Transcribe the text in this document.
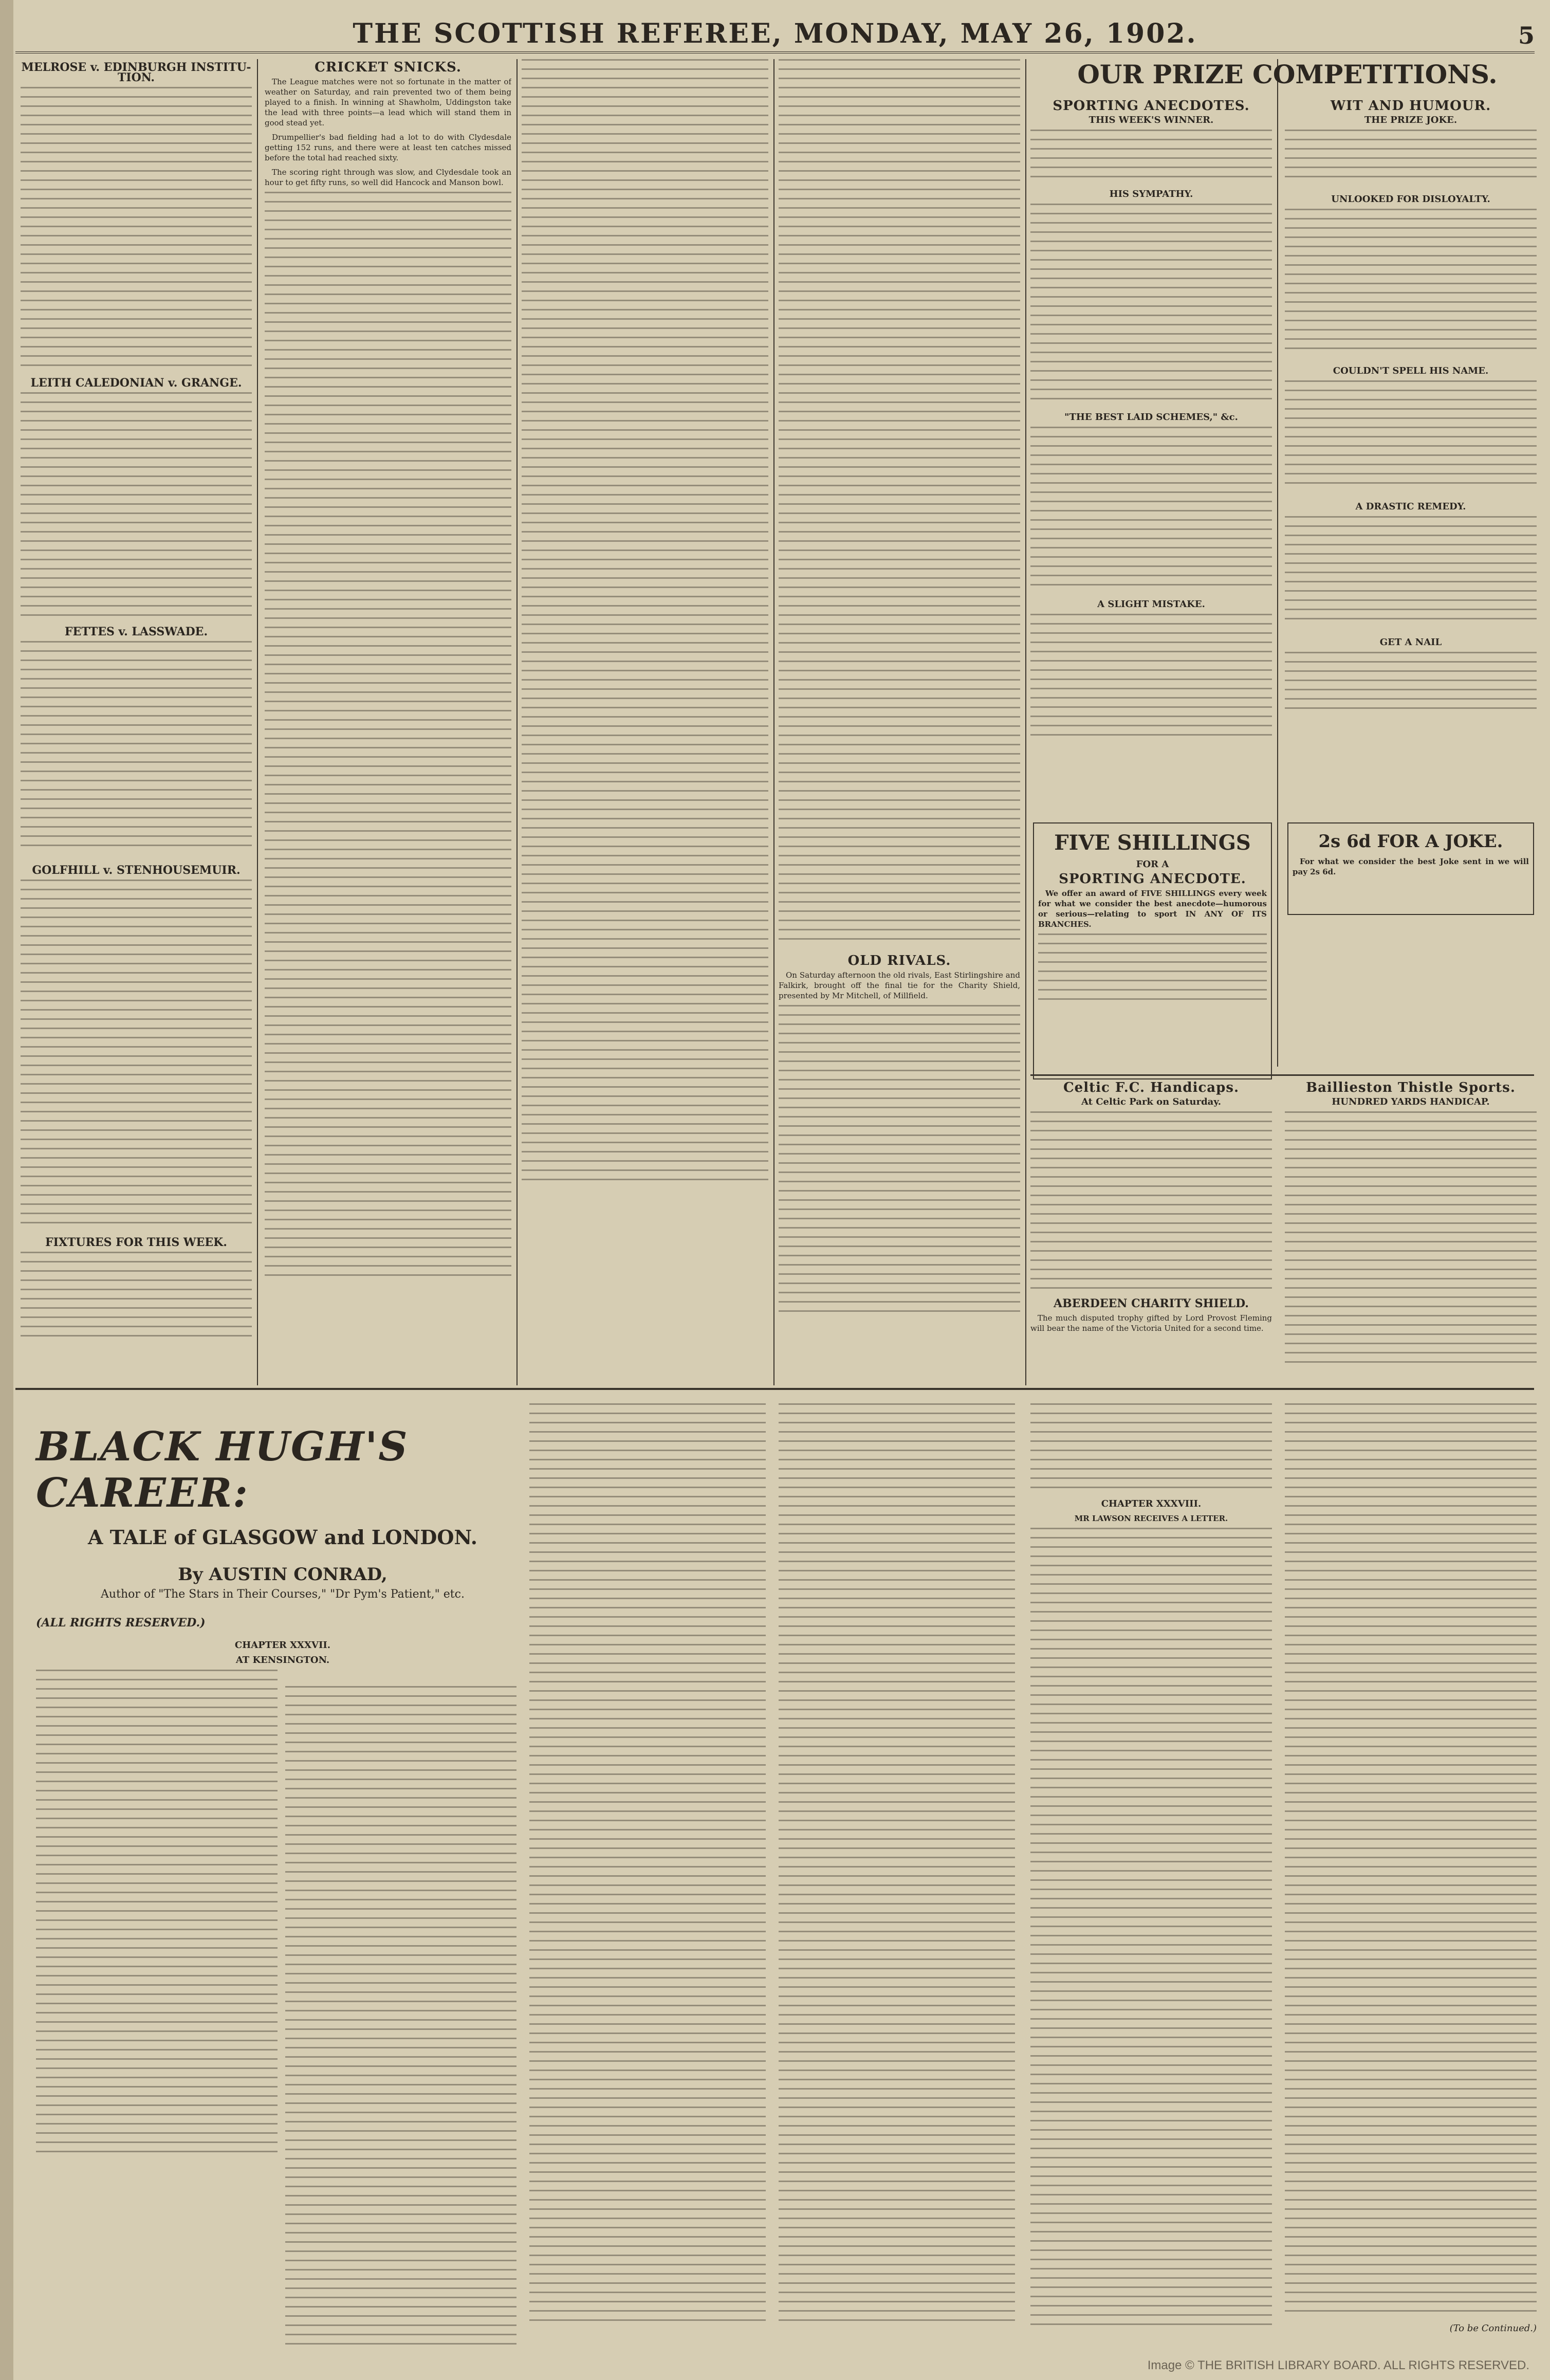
THE SCOTTISH REFEREE, MONDAY, MAY 26, 1902.	5
MELROSE v. EDINBURGH INSTITU-TION.
LEITH CALEDONIAN v. GRANGE.
FETTES v. LASSWADE.
GOLFHILL v. STENHOUSEMUIR.
FIXTURES FOR THIS WEEK.
CRICKET SNICKS.

The League matches were not so fortunate in the matter of weather on Saturday, and rain prevented two of them being played to a finish. In winning at Shawholm, Uddingston take the lead with three points—a lead which will stand them in good stead yet.

Drumpellier's bad fielding had a lot to do with Clydesdale getting 152 runs, and there were at least ten catches missed before the total had reached sixty.

The scoring right through was slow, and Clydesdale took an hour to get fifty runs, so well did Hancock and Manson bowl.

OLD RIVALS.

On Saturday afternoon the old rivals, East Stirlingshire and Falkirk, brought off the final tie for the Charity Shield, presented by Mr Mitchell, of Millfield.

OUR PRIZE COMPETITIONS.
SPORTING ANECDOTES.
THIS WEEK'S WINNER.
HIS SYMPATHY.
"THE BEST LAID SCHEMES," &c.
A SLIGHT MISTAKE.
FIVE SHILLINGS
FOR A
SPORTING ANECDOTE.

We offer an award of FIVE SHILLINGS every week for what we consider the best anecdote—humorous or serious—relating to sport IN ANY OF ITS BRANCHES.

WIT AND HUMOUR.
THE PRIZE JOKE.
UNLOOKED FOR DISLOYALTY.
COULDN'T SPELL HIS NAME.
A DRASTIC REMEDY.
GET A NAIL
2s 6d FOR A JOKE.

For what we consider the best Joke sent in we will pay 2s 6d.

Celtic F.C. Handicaps.
At Celtic Park on Saturday.
Baillieston Thistle Sports.
HUNDRED YARDS HANDICAP.
BLACK HUGH'S CAREER:
A TALE of GLASGOW and LONDON.
By AUSTIN CONRAD,
Author of "The Stars in Their Courses," "Dr Pym's Patient," etc.
(ALL RIGHTS RESERVED.)
CHAPTER XXXVII.
AT KENSINGTON.
CHAPTER XXXVIII.
MR LAWSON RECEIVES A LETTER.
(To be Continued.)
ABERDEEN CHARITY SHIELD.

The much disputed trophy gifted by Lord Provost Fleming will bear the name of the Victoria United for a second time.

Image © THE BRITISH LIBRARY BOARD. ALL RIGHTS RESERVED.
